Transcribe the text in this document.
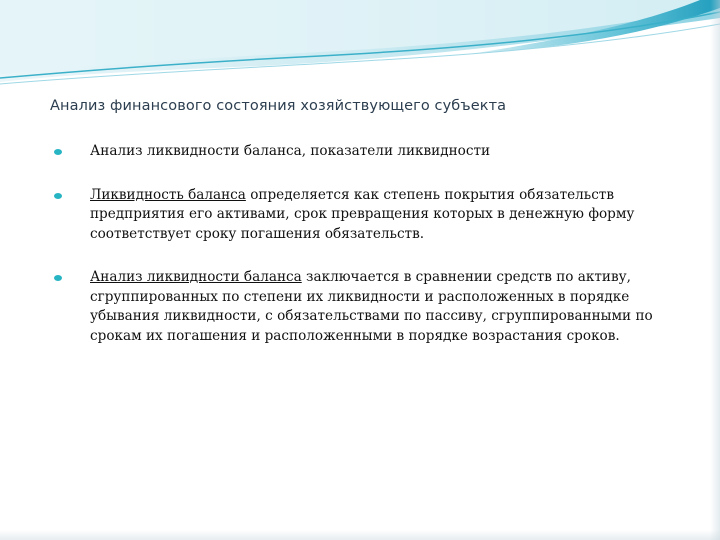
Анализ финансового состояния хозяйствующего субъекта
Анализ ликвидности баланса, показатели ликвидности
Ликвидность баланса определяется как степень покрытия обязательств предприятия его активами, срок превращения которых в денежную форму соответствует сроку погашения обязательств.
Анализ ликвидности баланса заключается в сравнении средств по активу, сгруппированных по степени их ликвидности и расположенных в порядке убывания ликвидности, с обязательствами по пассиву, сгруппированными по срокам их погашения и расположенными в порядке возрастания сроков.
